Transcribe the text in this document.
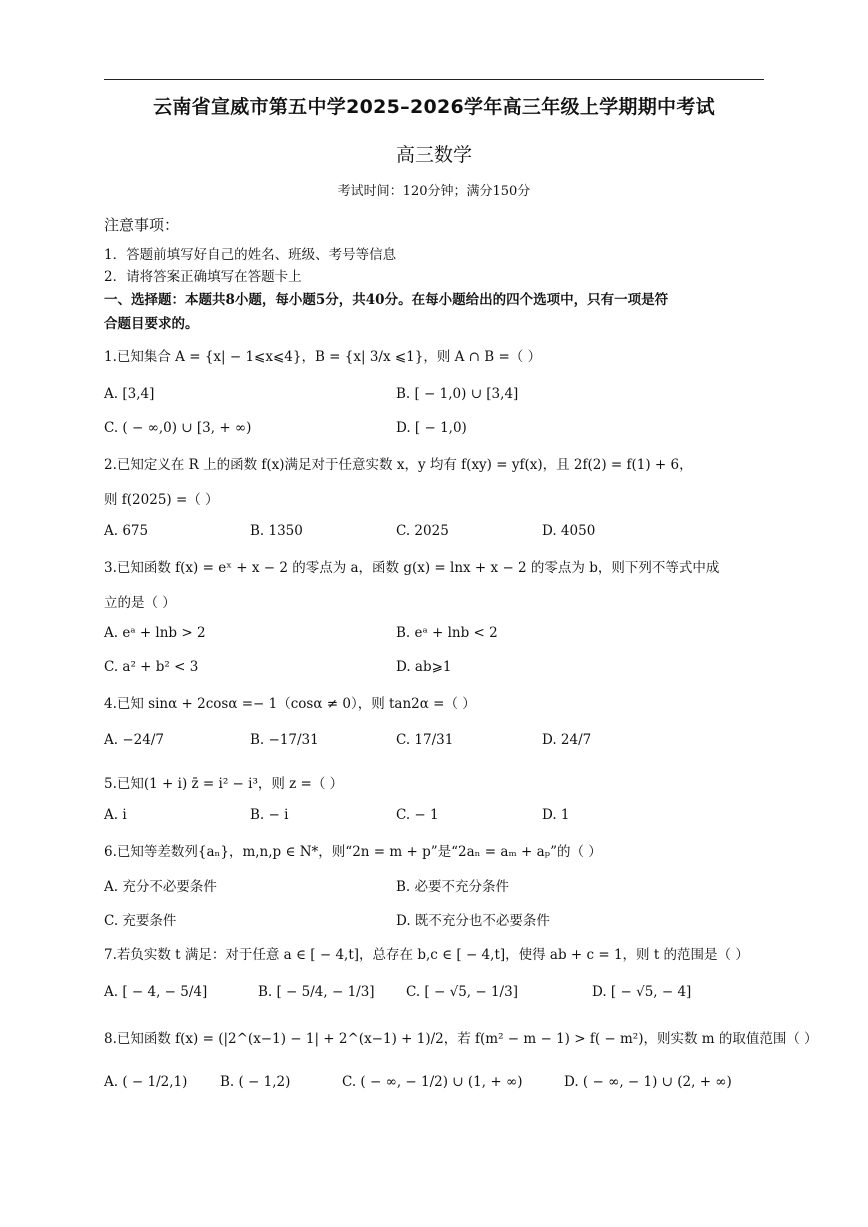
云南省宣威市第五中学2025–2026学年高三年级上学期期中考试
高三数学
考试时间：120分钟；满分150分
注意事项：
1．答题前填写好自己的姓名、班级、考号等信息
2．请将答案正确填写在答题卡上
一、选择题：本题共8小题，每小题5分，共40分。在每小题给出的四个选项中，只有一项是符
合题目要求的。
1.已知集合 A = {x| − 1⩽x⩽4}，B = {x| 3/x ⩽1}，则 A ∩ B =（ ）
A. [3,4]	B. [ − 1,0) ∪ [3,4]
C. ( − ∞,0) ∪ [3, + ∞)	D. [ − 1,0)
2.已知定义在 R 上的函数 f(x)满足对于任意实数 x，y 均有 f(xy) = yf(x)，且 2f(2) = f(1) + 6，
则 f(2025) =（ ）
A. 675	B. 1350	C. 2025	D. 4050
3.已知函数 f(x) = eˣ + x − 2 的零点为 a，函数 g(x) = lnx + x − 2 的零点为 b，则下列不等式中成
立的是（ ）
A. eᵃ + lnb > 2	B. eᵃ + lnb < 2
C. a² + b² < 3	D. ab⩾1
4.已知 sinα + 2cosα =− 1（cosα ≠ 0），则 tan2α =（ ）
A. −24/7	B. −17/31	C. 17/31	D. 24/7
5.已知(1 + i) z̄ = i² − i³，则 z =（ ）
A. i	B. − i	C. − 1	D. 1
6.已知等差数列{aₙ}，m,n,p ∈ N*，则“2n = m + p”是“2aₙ = aₘ + aₚ”的（ ）
A. 充分不必要条件	B. 必要不充分条件
C. 充要条件	D. 既不充分也不必要条件
7.若负实数 t 满足：对于任意 a ∈ [ − 4,t]，总存在 b,c ∈ [ − 4,t]，使得 ab + c = 1，则 t 的范围是（ ）
A. [ − 4, − 5/4]	B. [ − 5/4, − 1/3] C. [ − √5, − 1/3]	D. [ − √5, − 4]
8.已知函数 f(x) = (|2^(x−1) − 1| + 2^(x−1) + 1)/2，若 f(m² − m − 1) > f( − m²)，则实数 m 的取值范围（ ）
A. ( − 1/2,1) B. ( − 1,2)	C. ( − ∞, − 1/2) ∪ (1, + ∞)	D. ( − ∞, − 1) ∪ (2, + ∞)
